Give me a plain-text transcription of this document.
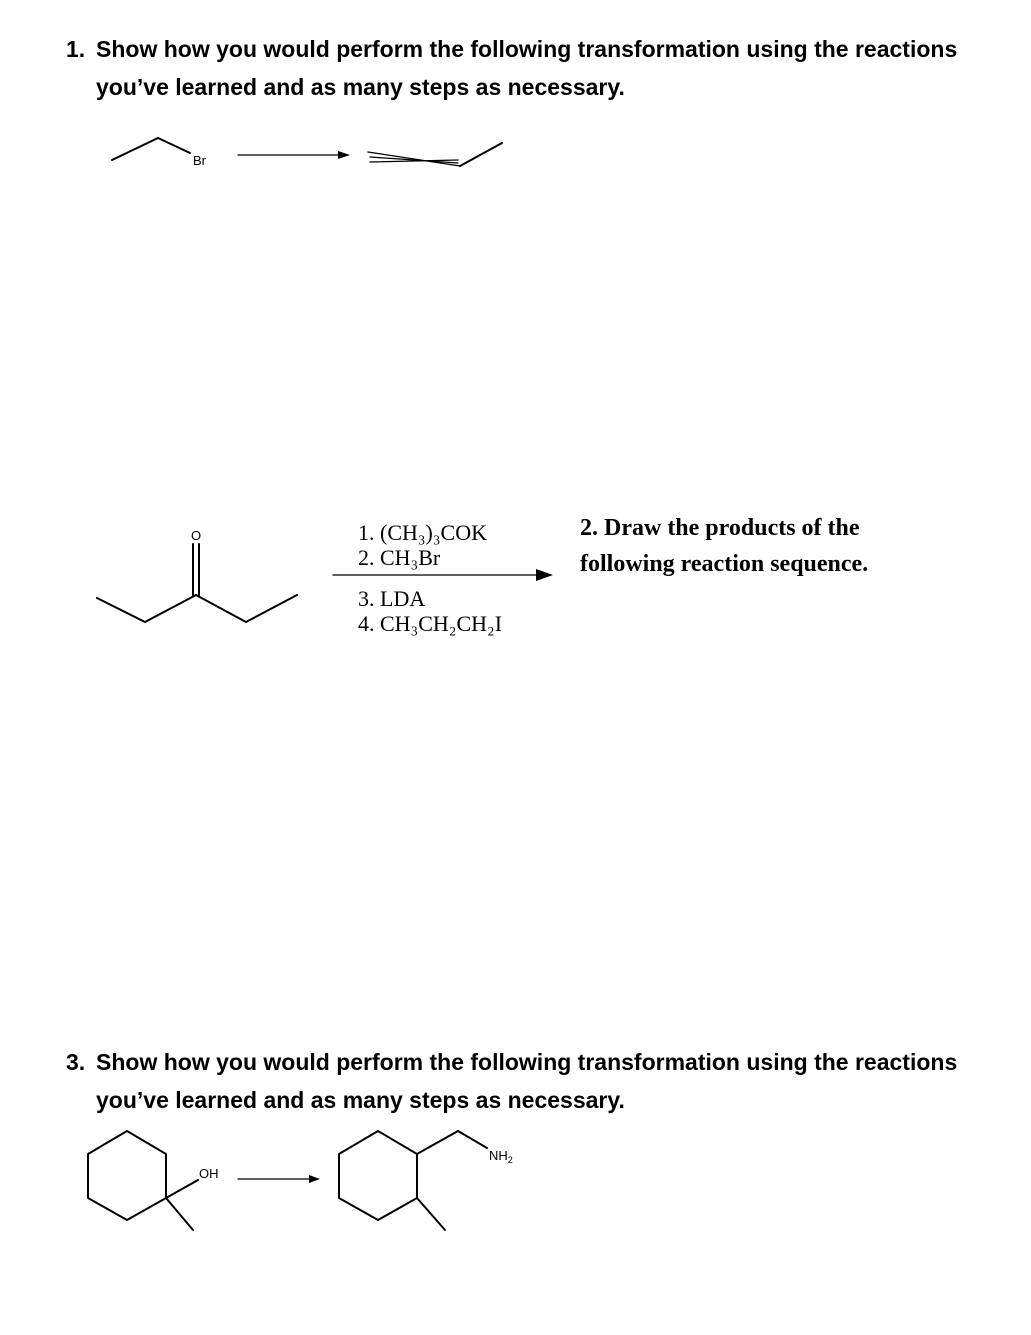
1. Show how you would perform the following transformation using the reactions
you’ve learned and as many steps as necessary.
Br
O	1. (CH₃)₃COK
2. CH₃Br
3. LDA
4. CH₃CH₂CH₂I
2. Draw the products of the
following reaction sequence.
3. Show how you would perform the following transformation using the reactions
you’ve learned and as many steps as necessary.
OH
$NH_2$
